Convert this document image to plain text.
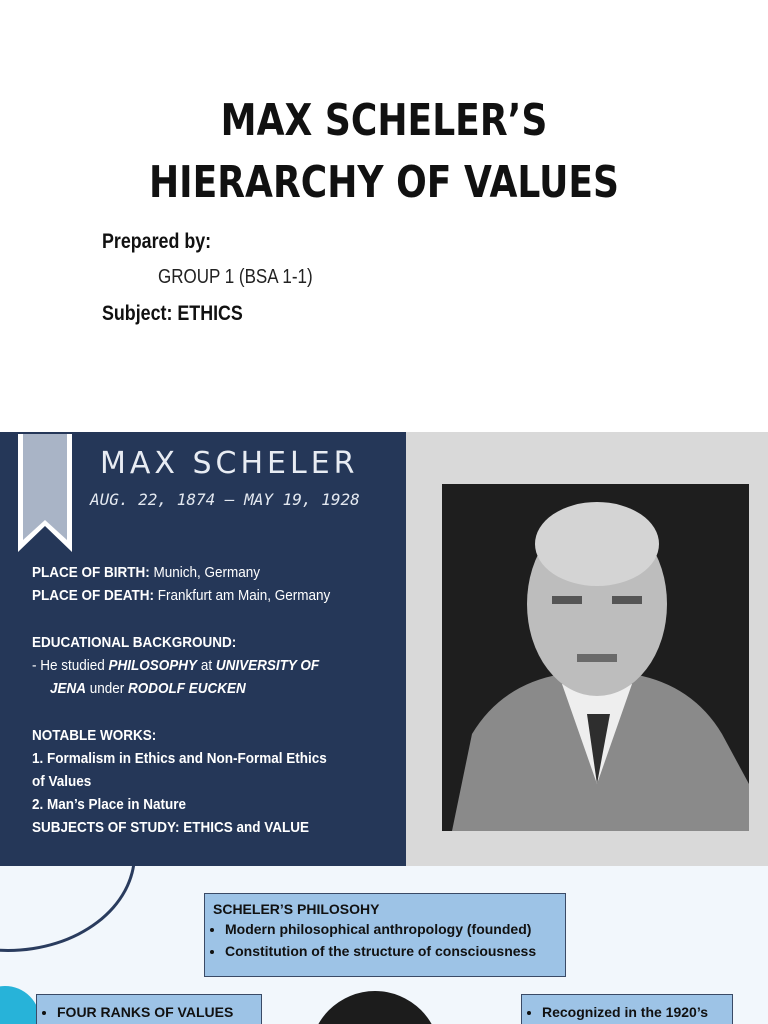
MAX SCHELER’S
HIERARCHY OF VALUES
Prepared by:
GROUP 1 (BSA 1-1)
Subject: ETHICS
MAX SCHELER
AUG. 22, 1874 – MAY 19, 1928
PLACE OF BIRTH: Munich, Germany
PLACE OF DEATH: Frankfurt am Main, Germany
EDUCATIONAL BACKGROUND:
- He studied PHILOSOPHY at UNIVERSITY OF
JENA under RODOLF EUCKEN
NOTABLE WORKS:
1. Formalism in Ethics and Non-Formal Ethics
of Values
2. Man’s Place in Nature
SUBJECTS OF STUDY: ETHICS and VALUE
SCHELER’S PHILOSOHY
• Modern philosophical anthropology (founded)
• Constitution of the structure of consciousness
• FOUR RANKS OF VALUES
•	Recognized in the 1920’s
